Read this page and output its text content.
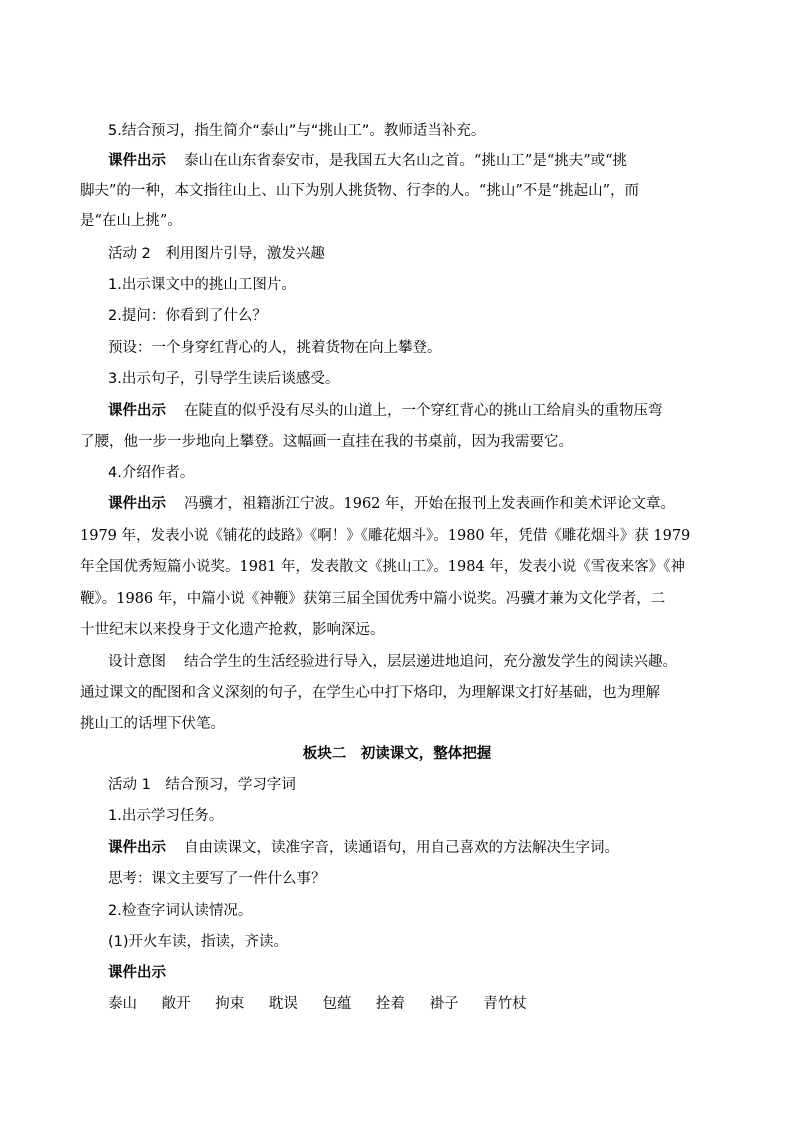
5.结合预习，指生简介“泰山”与“挑山工”。教师适当补充。
课件出示 泰山在山东省泰安市，是我国五大名山之首。“挑山工”是“挑夫”或“挑
脚夫”的一种，本文指往山上、山下为别人挑货物、行李的人。“挑山”不是“挑起山”，而
是“在山上挑”。
活动 2　利用图片引导，激发兴趣
1.出示课文中的挑山工图片。
2.提问：你看到了什么？
预设：一个身穿红背心的人，挑着货物在向上攀登。
3.出示句子，引导学生读后谈感受。
课件出示 在陡直的似乎没有尽头的山道上，一个穿红背心的挑山工给肩头的重物压弯
了腰，他一步一步地向上攀登。这幅画一直挂在我的书桌前，因为我需要它。
4.介绍作者。
课件出示 冯骥才，祖籍浙江宁波。1962 年，开始在报刊上发表画作和美术评论文章。
1979 年，发表小说《铺花的歧路》《啊！》《雕花烟斗》。1980 年，凭借《雕花烟斗》获 1979
年全国优秀短篇小说奖。1981 年，发表散文《挑山工》。1984 年，发表小说《雪夜来客》《神
鞭》。1986 年，中篇小说《神鞭》获第三届全国优秀中篇小说奖。冯骥才兼为文化学者，二
十世纪末以来投身于文化遗产抢救，影响深远。
设计意图 结合学生的生活经验进行导入，层层递进地追问，充分激发学生的阅读兴趣。
通过课文的配图和含义深刻的句子，在学生心中打下烙印，为理解课文打好基础，也为理解
挑山工的话埋下伏笔。
板块二　初读课文，整体把握
活动 1　结合预习，学习字词
1.出示学习任务。
课件出示 自由读课文，读准字音，读通语句，用自己喜欢的方法解决生字词。
思考：课文主要写了一件什么事？
2.检查字词认读情况。
(1)开火车读，指读，齐读。
课件出示
泰山 敞开 拘束 耽误 包蕴 拴着 褂子 青竹杖
